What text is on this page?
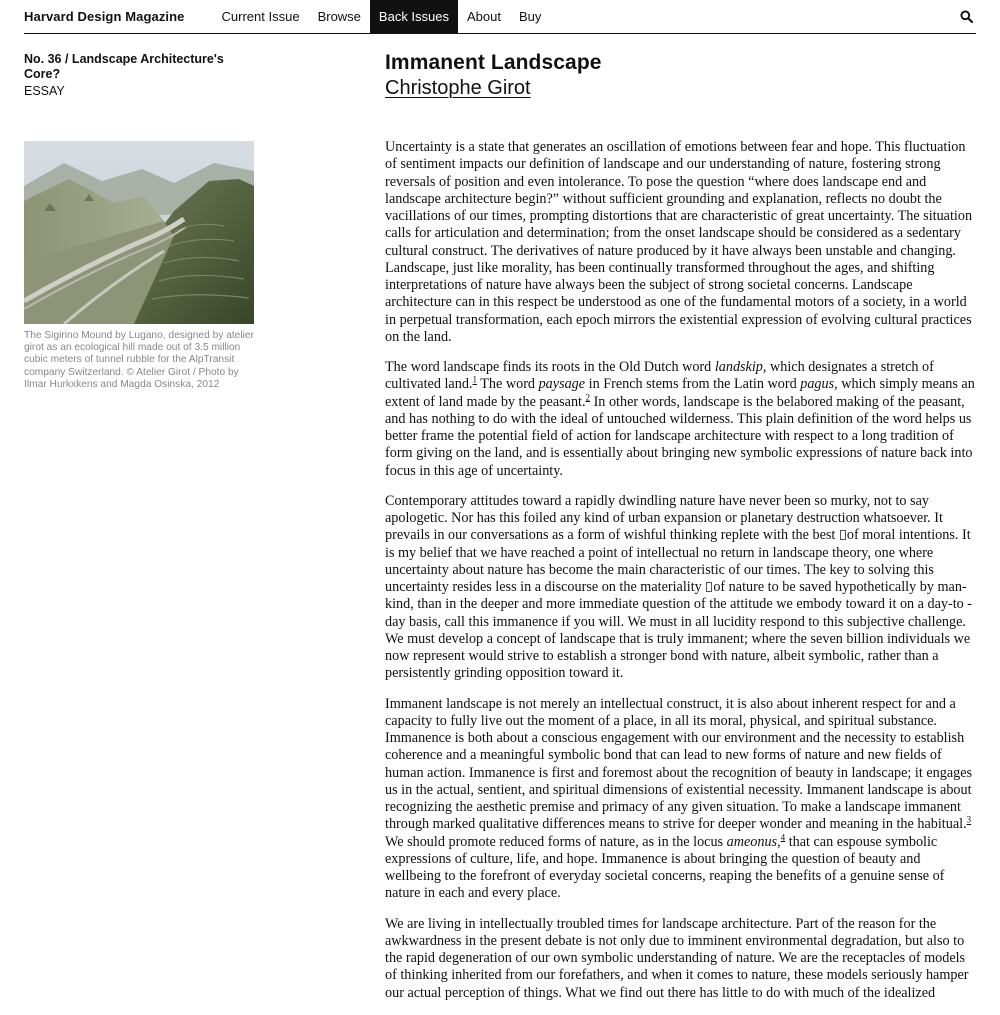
Harvard Design Magazine	Current Issue	Browse	Back Issues	About	Buy
No. 36 / Landscape Architecture's Core?
ESSAY
The Sigirino Mound by Lugano, designed by atelier girot as an ecological hill made out of 3.5 million cubic meters of tunnel rubble for the AlpTransit company Switzerland. © Atelier Girot / Photo by Ilmar Hurkxkens and Magda Osinska, 2012
Immanent Landscape
Christophe Girot

Uncertainty is a state that generates an oscillation of emotions between fear and hope. This fluctuation of sentiment impacts our definition of landscape and our understanding of nature, fostering strong reversals of position and even intolerance. To pose the question “where does landscape end and landscape architecture begin?” without sufficient grounding and explanation, reflects no doubt the vacillations of our times, prompting distortions that are characteristic of great uncertainty. The situation calls for articulation and determination; from the onset landscape should be considered as a sedentary cultural construct. The derivatives of nature produced by it have always been unstable and changing. Landscape, just like morality, has been continually transformed throughout the ages, and shifting interpretations of nature have always been the subject of strong societal concerns. Landscape architecture can in this respect be understood as one of the fundamental motors of a society, in a world in perpetual transformation, each epoch mirrors the existential expression of evolving cultural practices on the land.

The word landscape finds its roots in the Old Dutch word landskip, which designates a stretch of cultivated land.$^1$ The word paysage in French stems from the Latin word pagus, which simply means an extent of land made by the peasant.$^2$ In other words, landscape is the belabored making of the peasant, and has nothing to do with the ideal of untouched wilderness. This plain definition of the word helps us better frame the potential field of action for landscape architecture with respect to a long tradition of form giving on the land, and is essentially about bringing new symbolic expressions of nature back into focus in this age of uncertainty.

Contemporary attitudes toward a rapidly dwindling nature have never been so murky, not to say apologetic. Nor has this foiled any kind of urban expansion or planetary destruction whatsoever. It prevails in our conversations as a form of wishful thinking replete with the best of moral intentions. It is my belief that we have reached a point of intellectual no return in landscape theory, one where uncertainty about nature has become the main characteristic of our times. The key to solving this uncertainty resides less in a discourse on the materiality of nature to be saved hypothetically by man-kind, than in the deeper and more immediate question of the attitude we embody toward it on a day-to - day basis, call this immanence if you will. We must in all lucidity respond to this subjective challenge. We must develop a concept of landscape that is truly immanent; where the seven billion individuals we now represent would strive to establish a stronger bond with nature, albeit symbolic, rather than a persistently grinding opposition toward it.

Immanent landscape is not merely an intellectual construct, it is also about inherent respect for and a capacity to fully live out the moment of a place, in all its moral, physical, and spiritual substance. Immanence is both about a conscious engagement with our environment and the necessity to establish coherence and a meaningful symbolic bond that can lead to new forms of nature and new fields of human action. Immanence is first and foremost about the recognition of beauty in landscape; it engages us in the actual, sentient, and spiritual dimensions of existential necessity. Immanent landscape is about recognizing the aesthetic premise and primacy of any given situation. To make a landscape immanent through marked qualitative differences means to strive for deeper wonder and meaning in the habitual.$^3$ We should promote reduced forms of nature, as in the locus ameonus,$^4$ that can espouse symbolic expressions of culture, life, and hope. Immanence is about bringing the question of beauty and wellbeing to the forefront of everyday societal concerns, reaping the benefits of a genuine sense of nature in each and every place.

We are living in intellectually troubled times for landscape architecture. Part of the reason for the awkwardness in the present debate is not only due to imminent environmental degradation, but also to the rapid degeneration of our own symbolic understanding of nature. We are the receptacles of models of thinking inherited from our forefathers, and when it comes to nature, these models seriously hamper our actual perception of things. What we find out there has little to do with much of the idealized
